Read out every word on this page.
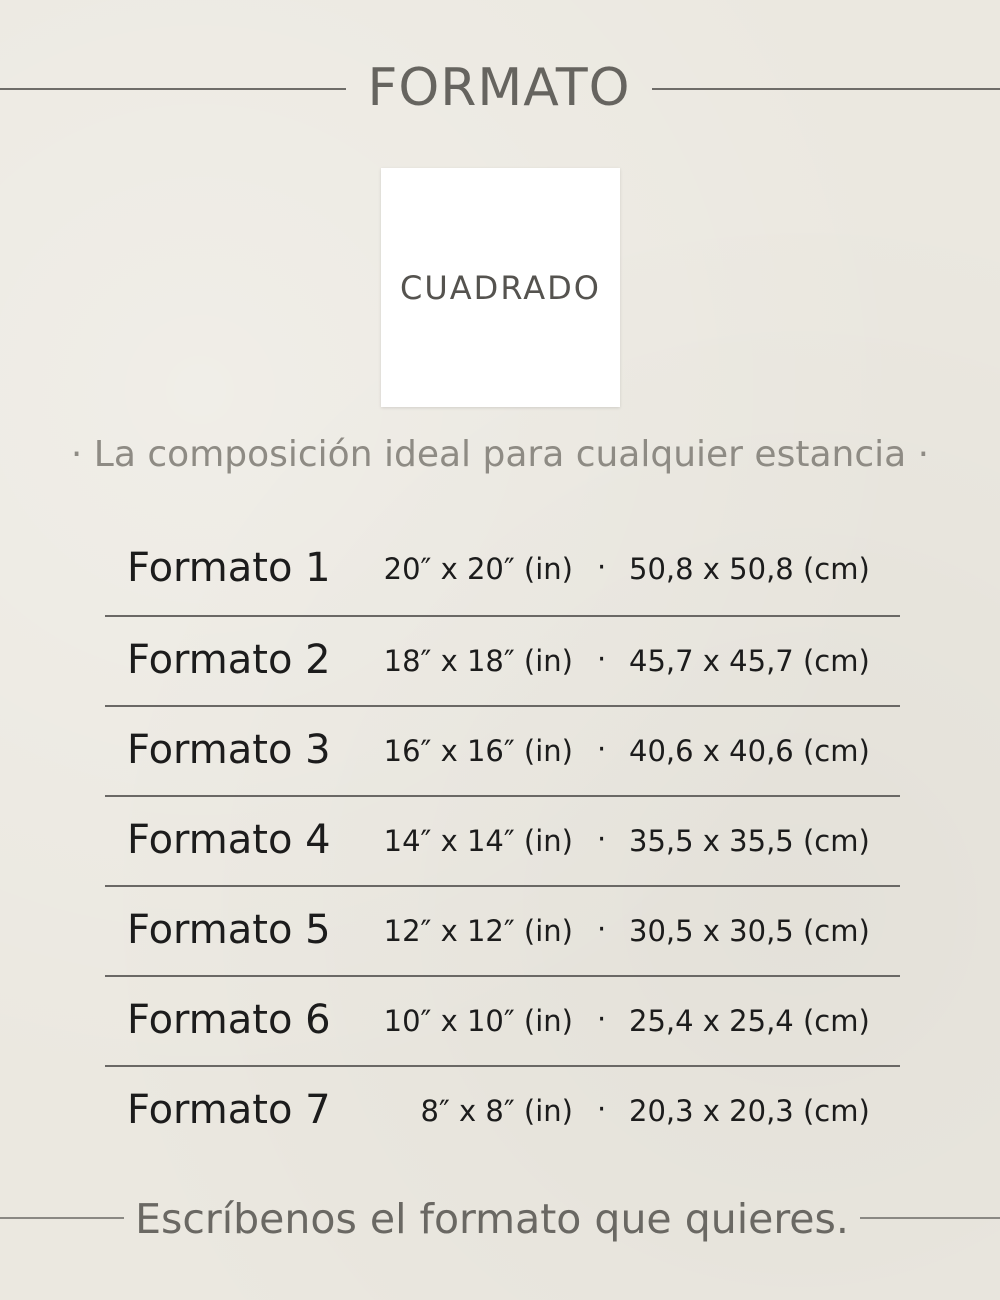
FORMATO
CUADRADO
· La composición ideal para cualquier estancia ·
Formato 1 20″ x 20″ (in) · 50,8 x 50,8 (cm)
Formato 2 18″ x 18″ (in) · 45,7 x 45,7 (cm)
Formato 3 16″ x 16″ (in) · 40,6 x 40,6 (cm)
Formato 4 14″ x 14″ (in) · 35,5 x 35,5 (cm)
Formato 5 12″ x 12″ (in) · 30,5 x 30,5 (cm)
Formato 6 10″ x 10″ (in) · 25,4 x 25,4 (cm)
Formato 7	8″ x 8″ (in) · 20,3 x 20,3 (cm)
Escríbenos el formato que quieres.
